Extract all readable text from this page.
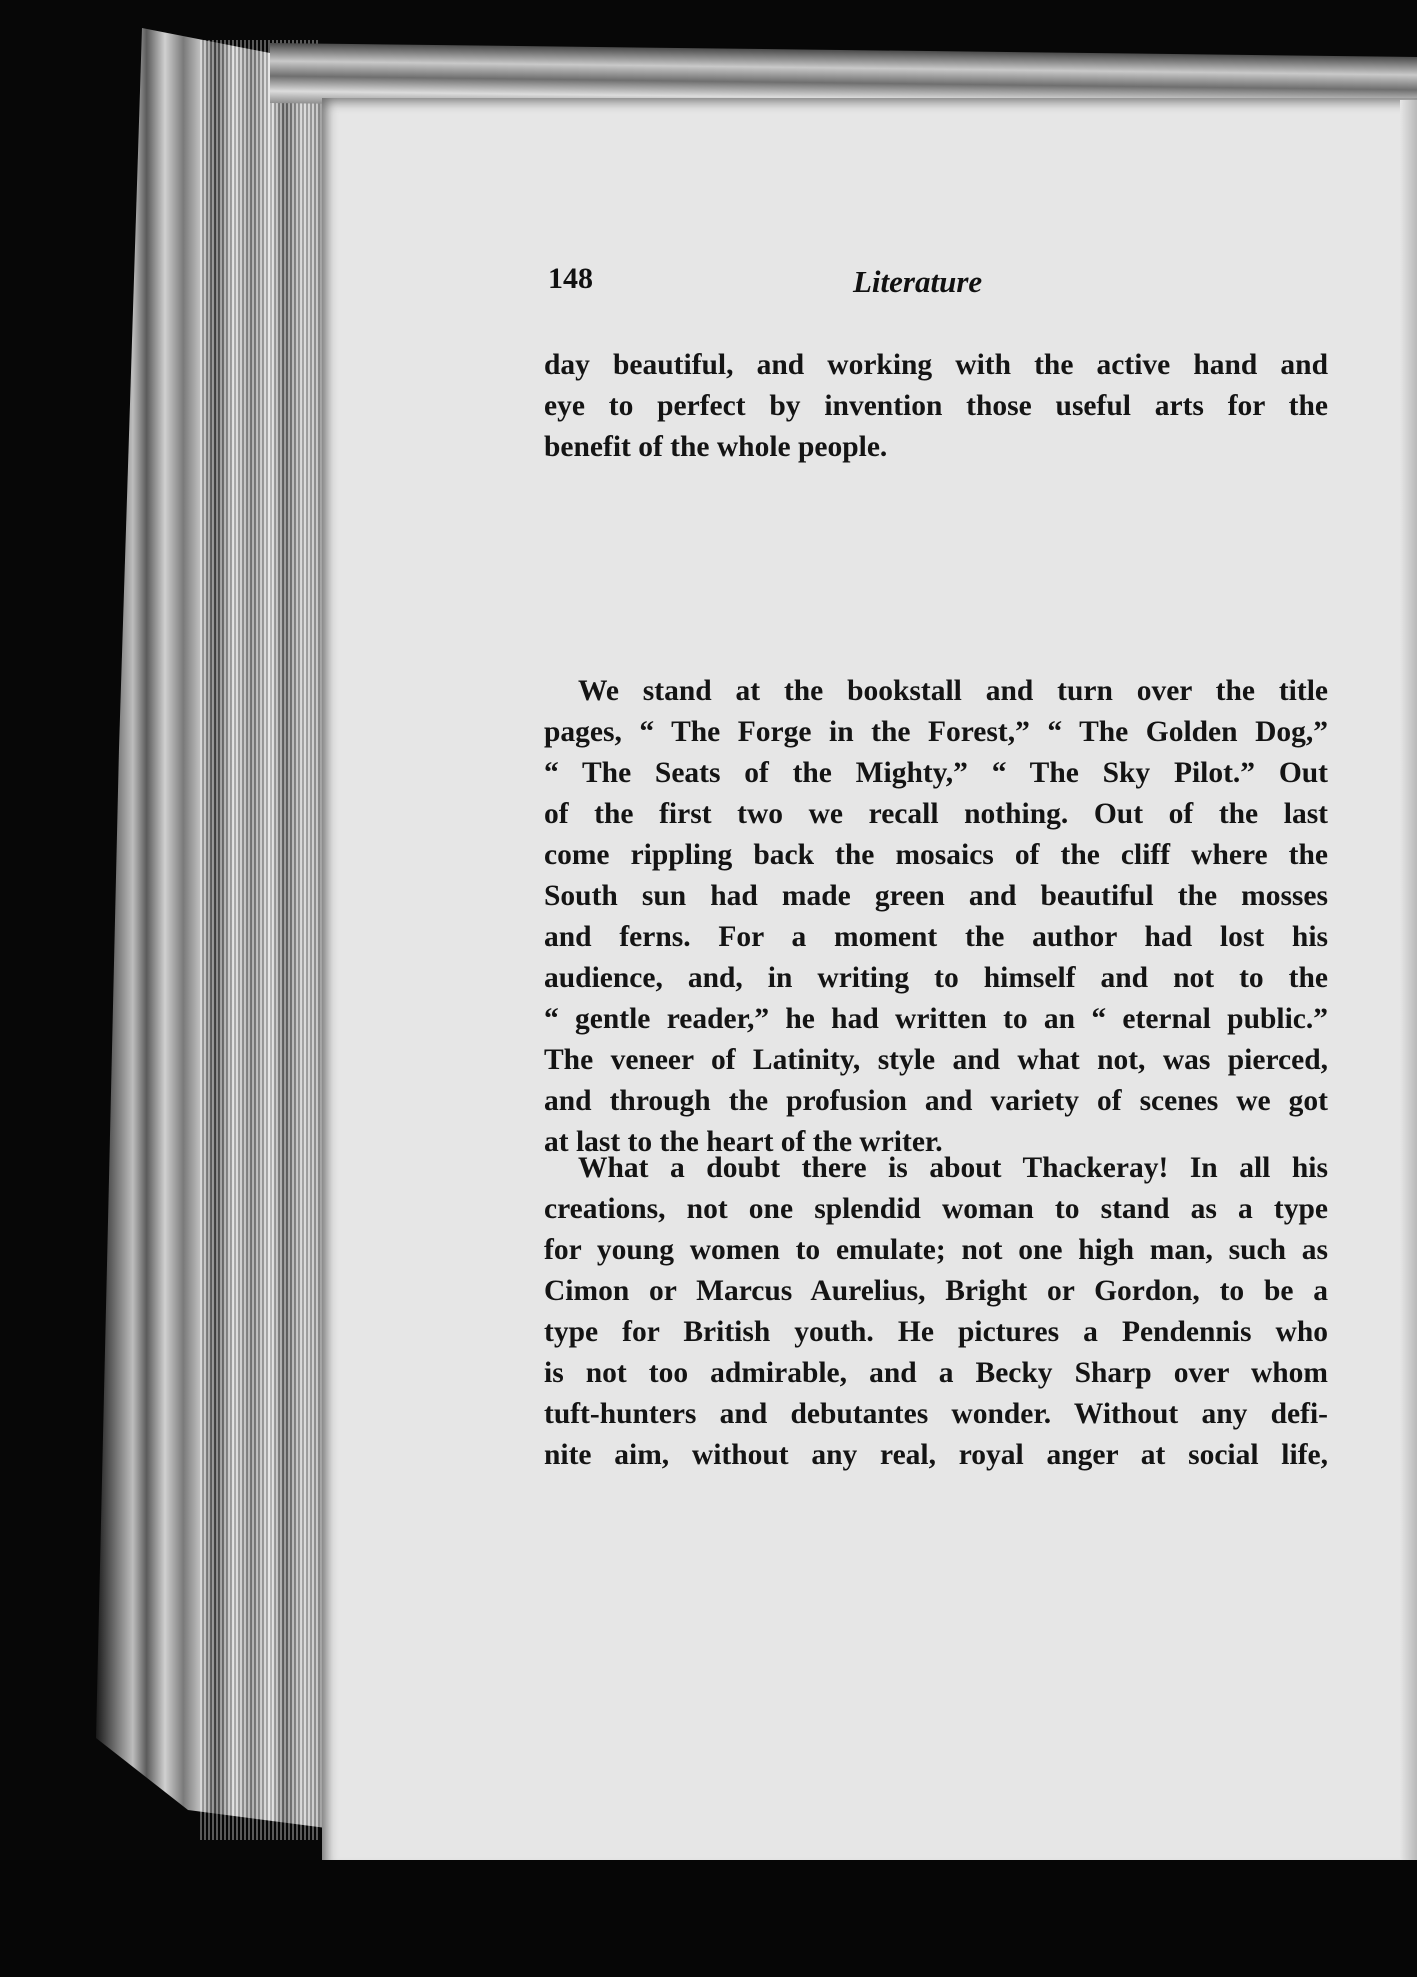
148	Literature
day beautiful, and working with the active hand and
eye to perfect by invention those useful arts for the
benefit of the whole people.
We stand at the bookstall and turn over the title
pages, “ The Forge in the Forest,” “ The Golden Dog,”
“ The Seats of the Mighty,” “ The Sky Pilot.” Out
of the first two we recall nothing. Out of the last
come rippling back the mosaics of the cliff where the
South sun had made green and beautiful the mosses
and ferns. For a moment the author had lost his
audience, and, in writing to himself and not to the
“ gentle reader,” he had written to an “ eternal public.”
The veneer of Latinity, style and what not, was pierced,
and through the profusion and variety of scenes we got
at last to the heart of the writer.
What a doubt there is about Thackeray! In all his
creations, not one splendid woman to stand as a type
for young women to emulate; not one high man, such as
Cimon or Marcus Aurelius, Bright or Gordon, to be a
type for British youth. He pictures a Pendennis who
is not too admirable, and a Becky Sharp over whom
tuft-hunters and debutantes wonder. Without any defi-
nite aim, without any real, royal anger at social life,
